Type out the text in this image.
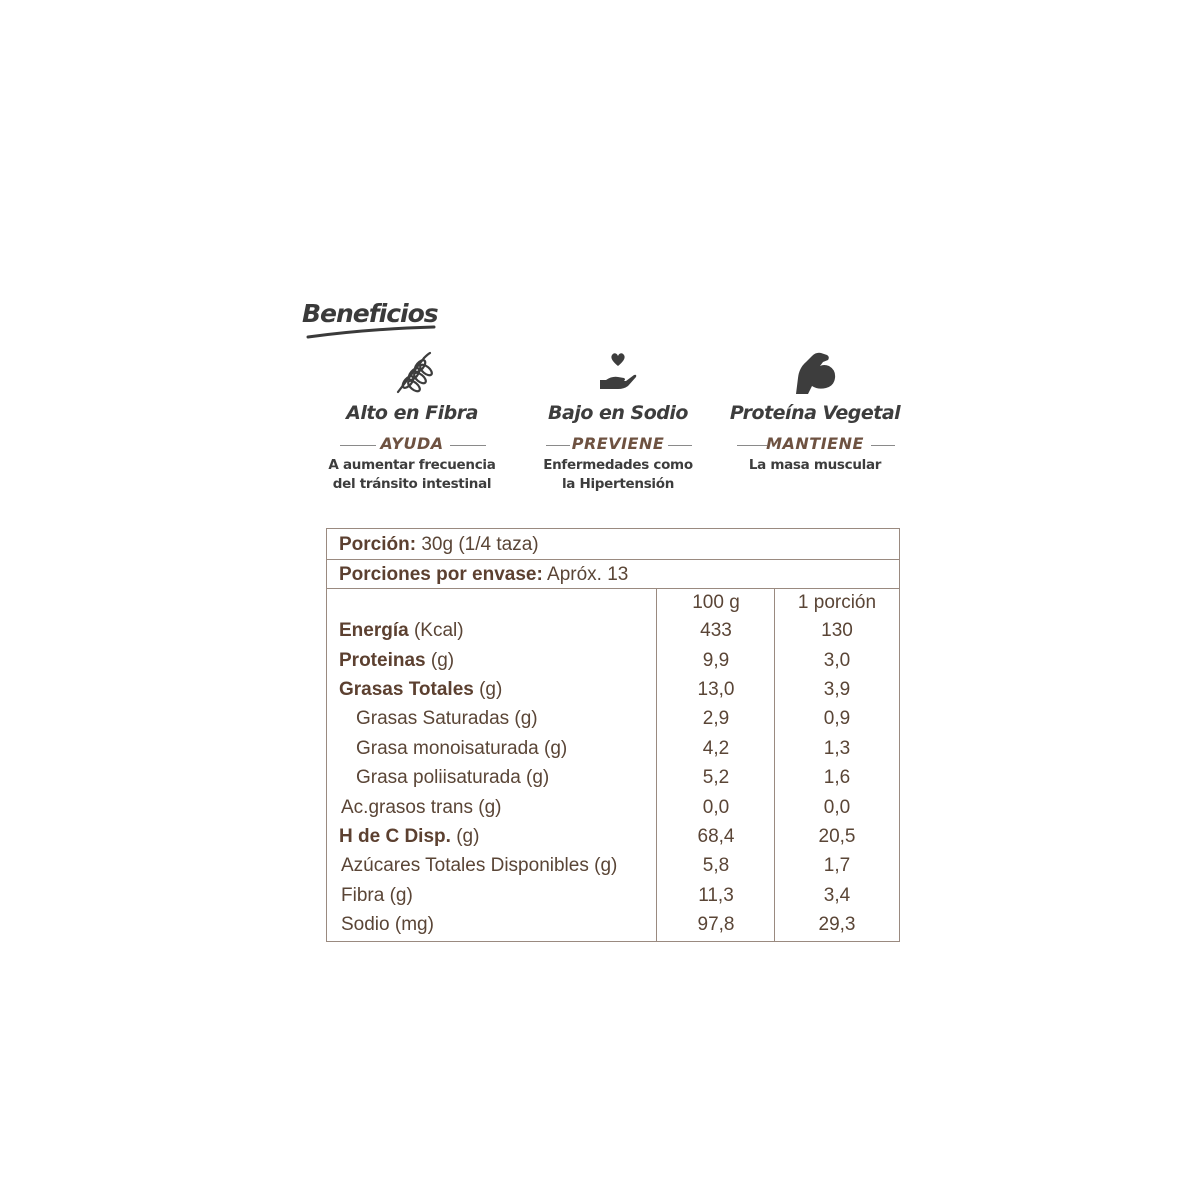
Beneficios
Alto en Fibra
AYUDA
A aumentar frecuencia
del tránsito intestinal
Bajo en Sodio
PREVIENE
Enfermedades como
la Hipertensión
Proteína Vegetal
MANTIENE
La masa muscular
Porción: 30g (1/4 taza)
Porciones por envase: Apróx. 13
100 g	1 porción
Energía (Kcal)	433	130
Proteinas (g)	9,9	3,0
Grasas Totales (g)	13,0	3,9
Grasas Saturadas (g)	2,9	0,9
Grasa monoisaturada (g)	4,2	1,3
Grasa poliisaturada (g)	5,2	1,6
Ac.grasos trans (g)	0,0	0,0
H de C Disp. (g)	68,4	20,5
Azúcares Totales Disponibles (g)	5,8	1,7
Fibra (g)	11,3	3,4
Sodio (mg)	97,8	29,3
